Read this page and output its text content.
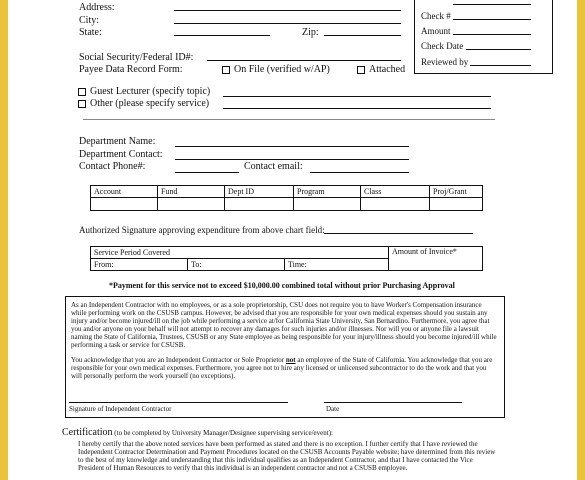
Address:
City:
State:	Zip:
Social Security/Federal ID#:
Payee Data Record Form:	On File (verified w/AP)	Attached
Check #
Amount
Check Date
Reviewed by
Guest Lecturer (specify topic)
Other (please specify service)
Department Name:
Department Contact:
Contact Phone#:	Contact email:
Account	Fund	Dept ID	Program	Class	Proj/Grant

Authorized Signature approving expenditure from above chart field:
Service Period Covered			Amount of Invoice*
From:	To:	Time:	
*Payment for this service not to exceed $10,000.00 combined total without prior Purchasing Approval
As an Independent Contractor with no employees, or as a sole proprietorship, CSU does not require you to have Worker's Compensation insurance while performing work on the CSUSB campus. However, be advised that you are responsible for your own medical expenses should you sustain any injury and/or become injured/ill on the job while performing a service at/for California State University, San Bernardino. Furthermore, you agree that you and/or anyone on your behalf will not attempt to recover any damages for such injuries and/or illnesses. Nor will you or anyone file a lawsuit naming the State of California, Trustees, CSUSB or any State employee as being responsible for your injury/illness should you become injured/ill while performing a task or service for CSUSB.
You acknowledge that you are an Independent Contractor or Sole Proprietor not an employee of the State of California. You acknowledge that you are responsible for your own medical expenses. Furthermore, you agree not to hire any licensed or unlicensed subcontractor to do the work and that you will personally perform the work yourself (no exceptions).
Signature of Independent Contractor	Date
Certification (to be completed by University Manager/Designee supervising service/event):
I hereby certify that the above noted services have been performed as stated and there is no exception. I further certify that I have reviewed the Independent Contractor Determination and Payment Procedures located on the CSUSB Accounts Payable website; have determined from this review to the best of my knowledge and understanding that this individual qualifies as an Independent Contractor, and that I have contacted the Vice President of Human Resources to verify that this individual is an independent contractor and not a CSUSB employee.
